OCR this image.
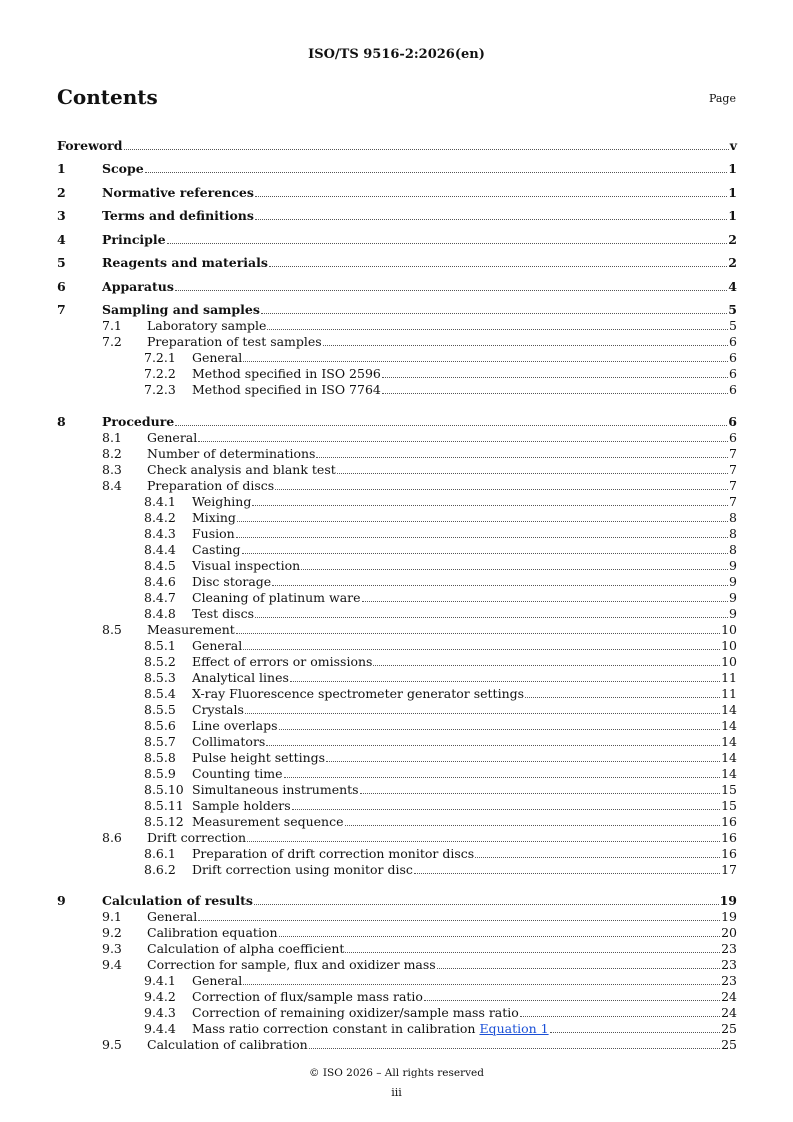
ISO/TS 9516-2:2026(en)
Contents	Page
Foreword	v
1	Scope	1
2	Normative references	1
3	Terms and definitions	1
4	Principle	2
5	Reagents and materials	2
6	Apparatus	4
7	Sampling and samples	5
7.1	Laboratory sample	5
7.2	Preparation of test samples	6
7.2.1	General	6
7.2.2	Method specified in ISO 2596	6
7.2.3	Method specified in ISO 7764	6
8	Procedure	6
8.1	General	6
8.2	Number of determinations	7
8.3	Check analysis and blank test	7
8.4	Preparation of discs	7
8.4.1	Weighing	7
8.4.2	Mixing	8
8.4.3	Fusion	8
8.4.4	Casting	8
8.4.5	Visual inspection	9
8.4.6	Disc storage	9
8.4.7	Cleaning of platinum ware	9
8.4.8	Test discs	9
8.5	Measurement	10
8.5.1	General	10
8.5.2	Effect of errors or omissions	10
8.5.3	Analytical lines	11
8.5.4	X-ray Fluorescence spectrometer generator settings	11
8.5.5	Crystals	14
8.5.6	Line overlaps	14
8.5.7	Collimators	14
8.5.8	Pulse height settings	14
8.5.9	Counting time	14
8.5.10 Simultaneous instruments	15
8.5.11 Sample holders	15
8.5.12 Measurement sequence	16
8.6	Drift correction	16
8.6.1	Preparation of drift correction monitor discs	16
8.6.2	Drift correction using monitor disc	17
9	Calculation of results	19
9.1	General	19
9.2	Calibration equation	20
9.3	Calculation of alpha coefficient	23
9.4	Correction for sample, flux and oxidizer mass	23
9.4.1	General	23
9.4.2	Correction of flux/sample mass ratio	24
9.4.3	Correction of remaining oxidizer/sample mass ratio	24
9.4.4	Mass ratio correction constant in calibration Equation 1	25
9.5	Calculation of calibration	25
© ISO 2026 – All rights reserved
iii
